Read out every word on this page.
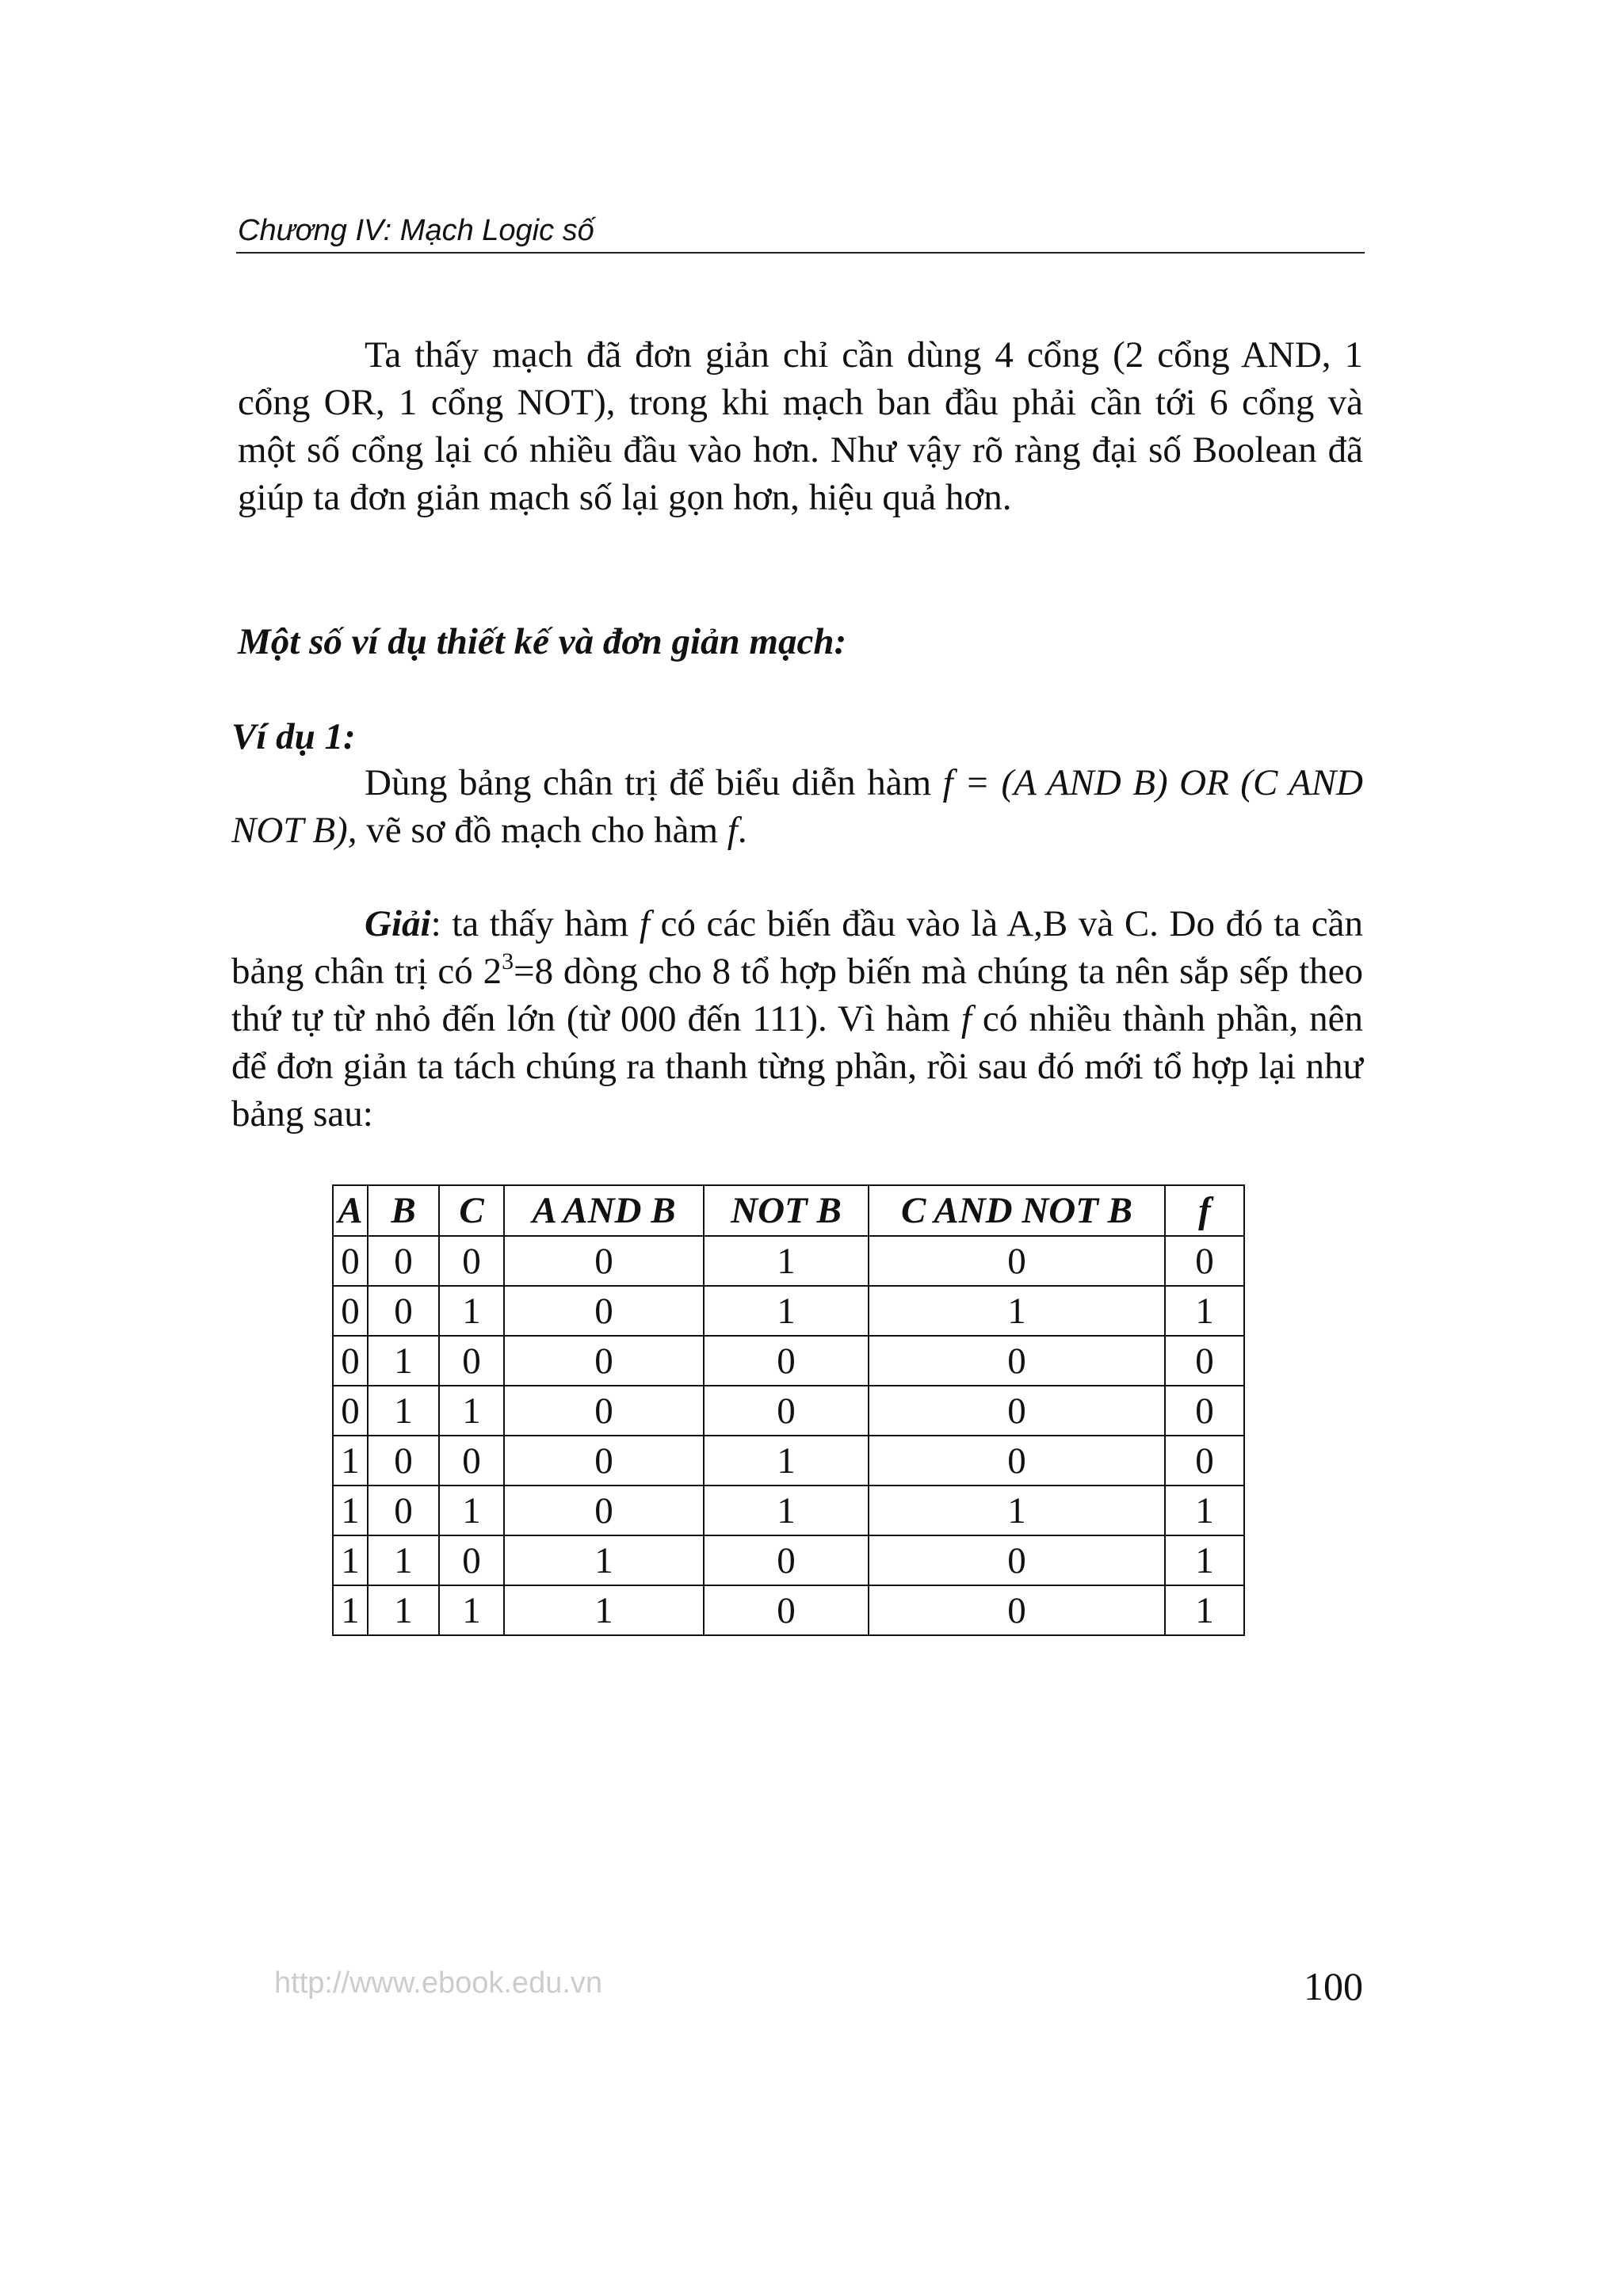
Chương IV: Mạch Logic số

Ta thấy mạch đã đơn giản chỉ cần dùng 4 cổng (2 cổng AND, 1 cổng OR, 1 cổng NOT), trong khi mạch ban đầu phải cần tới 6 cổng và một số cổng lại có nhiều đầu vào hơn. Như vậy rõ ràng đại số Boolean đã giúp ta đơn giản mạch số lại gọn hơn, hiệu quả hơn.

Một số ví dụ thiết kế và đơn giản mạch:

Ví dụ 1:

Dùng bảng chân trị để biểu diễn hàm f = (A AND B) OR (C AND NOT B), vẽ sơ đồ mạch cho hàm f.

Giải: ta thấy hàm f có các biến đầu vào là A,B và C. Do đó ta cần bảng chân trị có $2^3=8$ dòng cho 8 tổ hợp biến mà chúng ta nên sắp sếp theo thứ tự từ nhỏ đến lớn (từ 000 đến 111). Vì hàm f có nhiều thành phần, nên để đơn giản ta tách chúng ra thanh từng phần, rồi sau đó mới tổ hợp lại như bảng sau:

A	B	C	A AND B	NOT B	C AND NOT B	f
0	0	0	0	1	0	0
0	0	1	0	1	1	1
0	1	0	0	0	0	0
0	1	1	0	0	0	0
1	0	0	0	1	0	0
1	0	1	0	1	1	1
1	1	0	1	0	0	1
1	1	1	1	0	0	1
http://www.ebook.edu.vn	100
